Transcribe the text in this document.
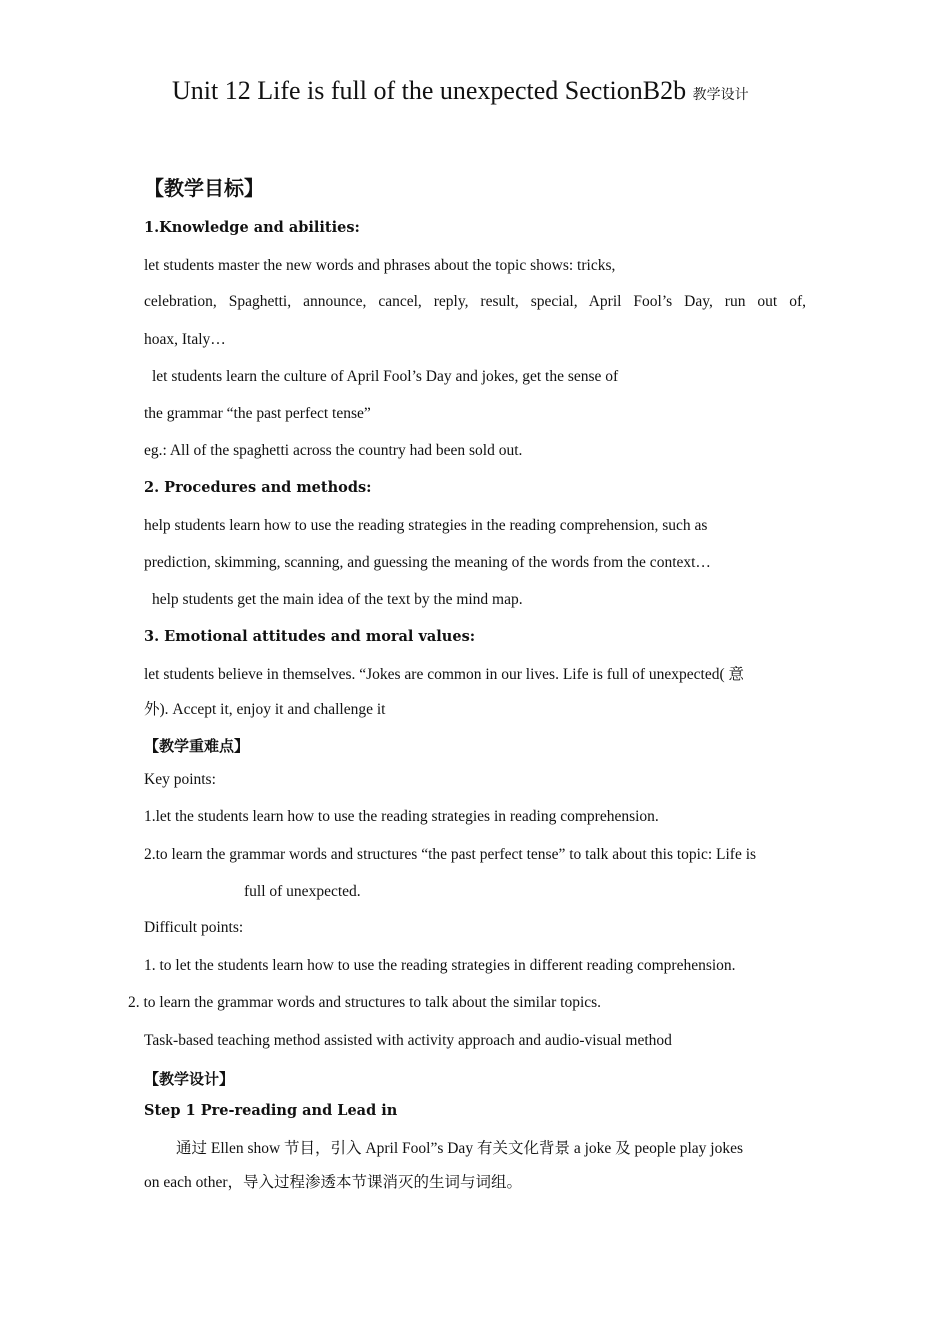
Unit 12 Life is full of the unexpected SectionB2b 教学设计
【教学目标】
1.Knowledge and abilities:
let students master the new words and phrases about the topic shows: tricks,
celebration, Spaghetti, announce, cancel, reply, result, special, April Fool’s Day, run out of,
hoax, Italy…
let students learn the culture of April Fool’s Day and jokes, get the sense of
the grammar “the past perfect tense”
eg.: All of the spaghetti across the country had been sold out.
2. Procedures and methods:
help students learn how to use the reading strategies in the reading comprehension, such as
prediction, skimming, scanning, and guessing the meaning of the words from the context…
help students get the main idea of the text by the mind map.
3. Emotional attitudes and moral values:
let students believe in themselves. “Jokes are common in our lives. Life is full of unexpected( 意
外). Accept it, enjoy it and challenge it
【教学重难点】
Key points:
1.let the students learn how to use the reading strategies in reading comprehension.
2.to learn the grammar words and structures “the past perfect tense” to talk about this topic: Life is
full of unexpected.
Difficult points:
1. to let the students learn how to use the reading strategies in different reading comprehension.
2. to learn the grammar words and structures to talk about the similar topics.
Task-based teaching method assisted with activity approach and audio-visual method
【教学设计】
Step 1 Pre-reading and Lead in
通过 Ellen show 节目，引入 April Fool”s Day 有关文化背景 a joke 及 people play jokes
on each other，导入过程渗透本节课消灭的生词与词组。
